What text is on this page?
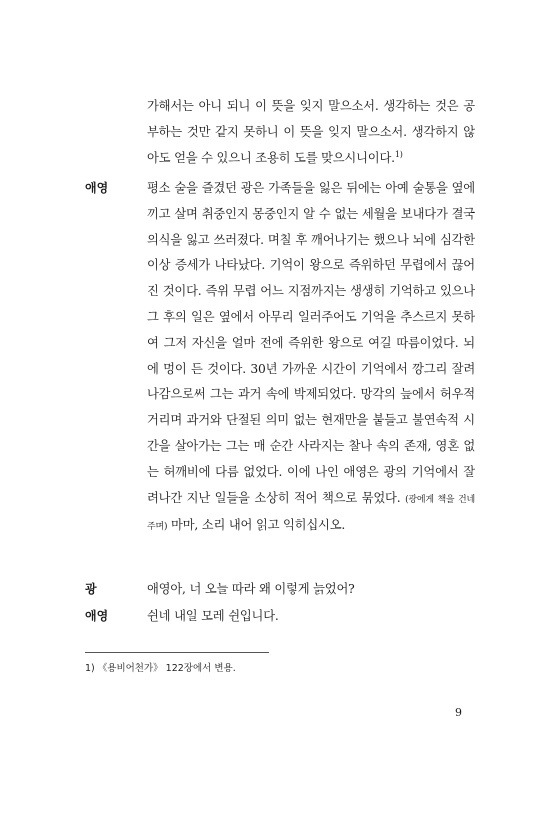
가해서는 아니 되니 이 뜻을 잊지 말으소서. 생각하는 것은 공부하는 것만 같지 못하니 이 뜻을 잊지 말으소서. 생각하지 않아도 얻을 수 있으니 조용히 도를 맞으시니이다.$^{1)}$
애영	평소 술을 즐겼던 광은 가족들을 잃은 뒤에는 아예 술통을 옆에 끼고 살며 취중인지 몽중인지 알 수 없는 세월을 보내다가 결국 의식을 잃고 쓰러졌다. 며칠 후 깨어나기는 했으나 뇌에 심각한 이상 증세가 나타났다. 기억이 왕으로 즉위하던 무렵에서 끊어진 것이다. 즉위 무렵 어느 지점까지는 생생히 기억하고 있으나 그 후의 일은 옆에서 아무리 일러주어도 기억을 추스르지 못하여 그저 자신을 얼마 전에 즉위한 왕으로 여길 따름이었다. 뇌에 멍이 든 것이다. 30년 가까운 시간이 기억에서 깡그리 잘려나감으로써 그는 과거 속에 박제되었다. 망각의 늪에서 허우적거리며 과거와 단절된 의미 없는 현재만을 붙들고 불연속적 시간을 살아가는 그는 매 순간 사라지는 찰나 속의 존재, 영혼 없는 허깨비에 다름 없었다. 이에 나인 애영은 광의 기억에서 잘려나간 지난 일들을 소상히 적어 책으로 묶었다. (광에게 책을 건네주며) 마마, 소리 내어 읽고 익히십시오.
광	애영아, 너 오늘 따라 왜 이렇게 늙었어?
애영	쉰네 내일 모레 쉰입니다.
1) 《용비어천가》 122장에서 변용.
9
